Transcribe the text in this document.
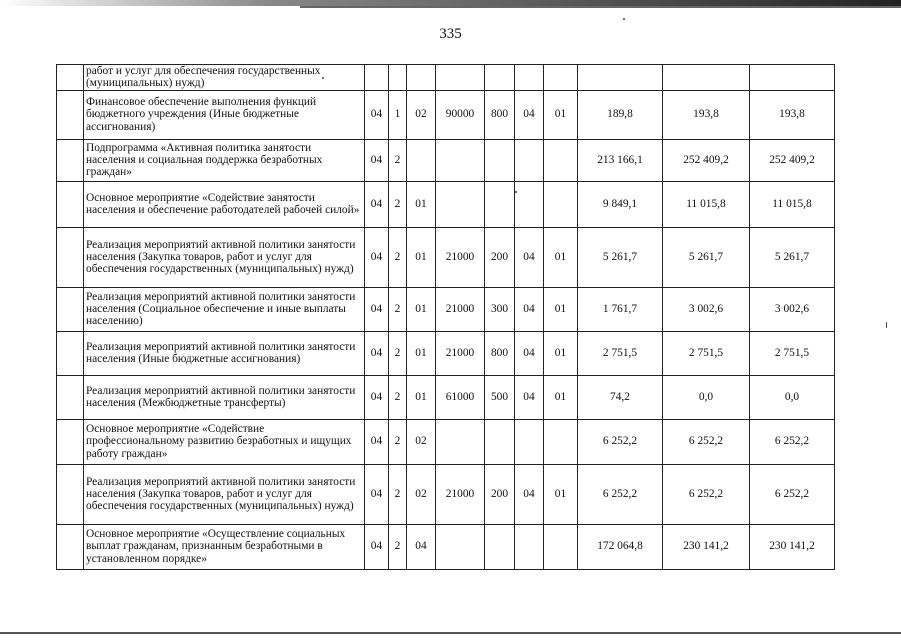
335
	работ и услуг для обеспечения государственных (муниципальных) нужд)										
	Финансовое обеспечение выполнения функций бюджетного учреждения (Иные бюджетные ассигнования)	04	1	02	90000	800	04	01	189,8	193,8	193,8
	Подпрограмма «Активная политика занятости населения и социальная поддержка безработных граждан»	04	2						213 166,1	252 409,2	252 409,2
	Основное мероприятие «Содействие занятости населения и обеспечение работодателей рабочей силой»	04	2	01					9 849,1	11 015,8	11 015,8
	Реализация мероприятий активной политики занятости населения (Закупка товаров, работ и услуг для обеспечения государственных (муниципальных) нужд)	04	2	01	21000	200	04	01	5 261,7	5 261,7	5 261,7
	Реализация мероприятий активной политики занятости населения (Социальное обеспечение и иные выплаты населению)	04	2	01	21000	300	04	01	1 761,7	3 002,6	3 002,6
	Реализация мероприятий активной политики занятости населения (Иные бюджетные ассигнования)	04	2	01	21000	800	04	01	2 751,5	2 751,5	2 751,5
	Реализация мероприятий активной политики занятости населения (Межбюджетные трансферты)	04	2	01	61000	500	04	01	74,2	0,0	0,0
	Основное мероприятие «Содействие профессиональному развитию безработных и ищущих работу граждан»	04	2	02					6 252,2	6 252,2	6 252,2
	Реализация мероприятий активной политики занятости населения (Закупка товаров, работ и услуг для обеспечения государственных (муниципальных) нужд)	04	2	02	21000	200	04	01	6 252,2	6 252,2	6 252,2
	Основное мероприятие «Осуществление социальных выплат гражданам, признанным безработными в установленном порядке»	04	2	04					172 064,8	230 141,2	230 141,2
